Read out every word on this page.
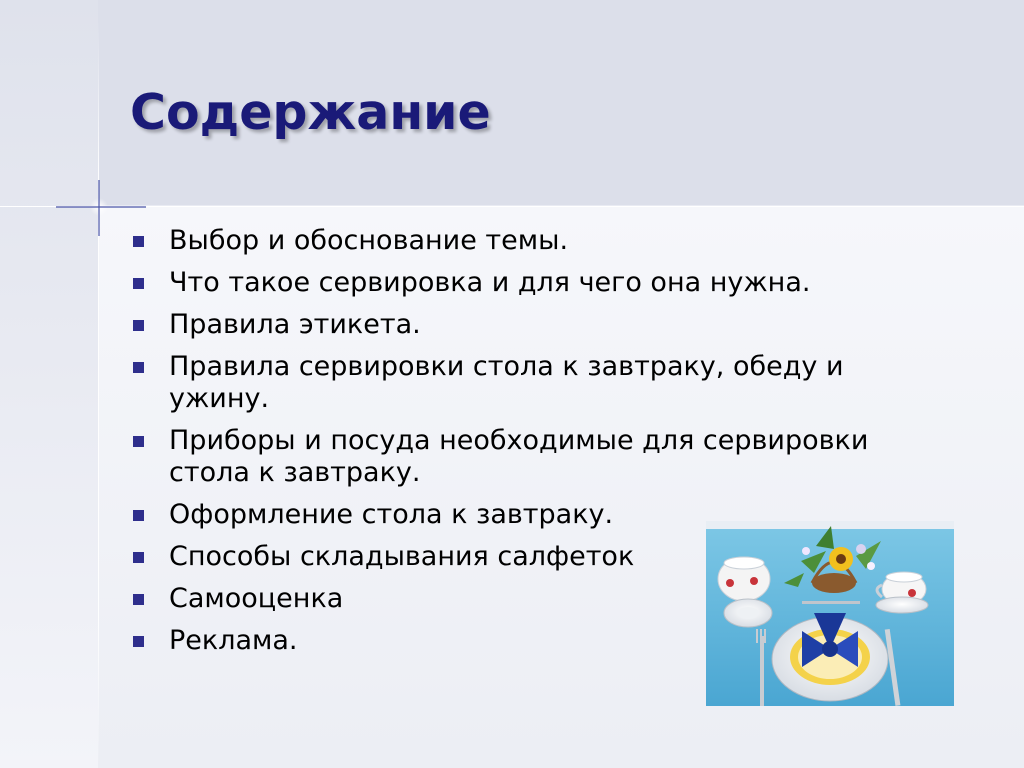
Содержание
Выбор и обоснование темы.
Что такое сервировка и для чего она нужна.
Правила этикета.
Правила сервировки стола к завтраку, обеду и ужину.
Приборы и посуда необходимые для сервировки стола к завтраку.
Оформление стола к завтраку.
Способы складывания салфеток
Самооценка
Реклама.
